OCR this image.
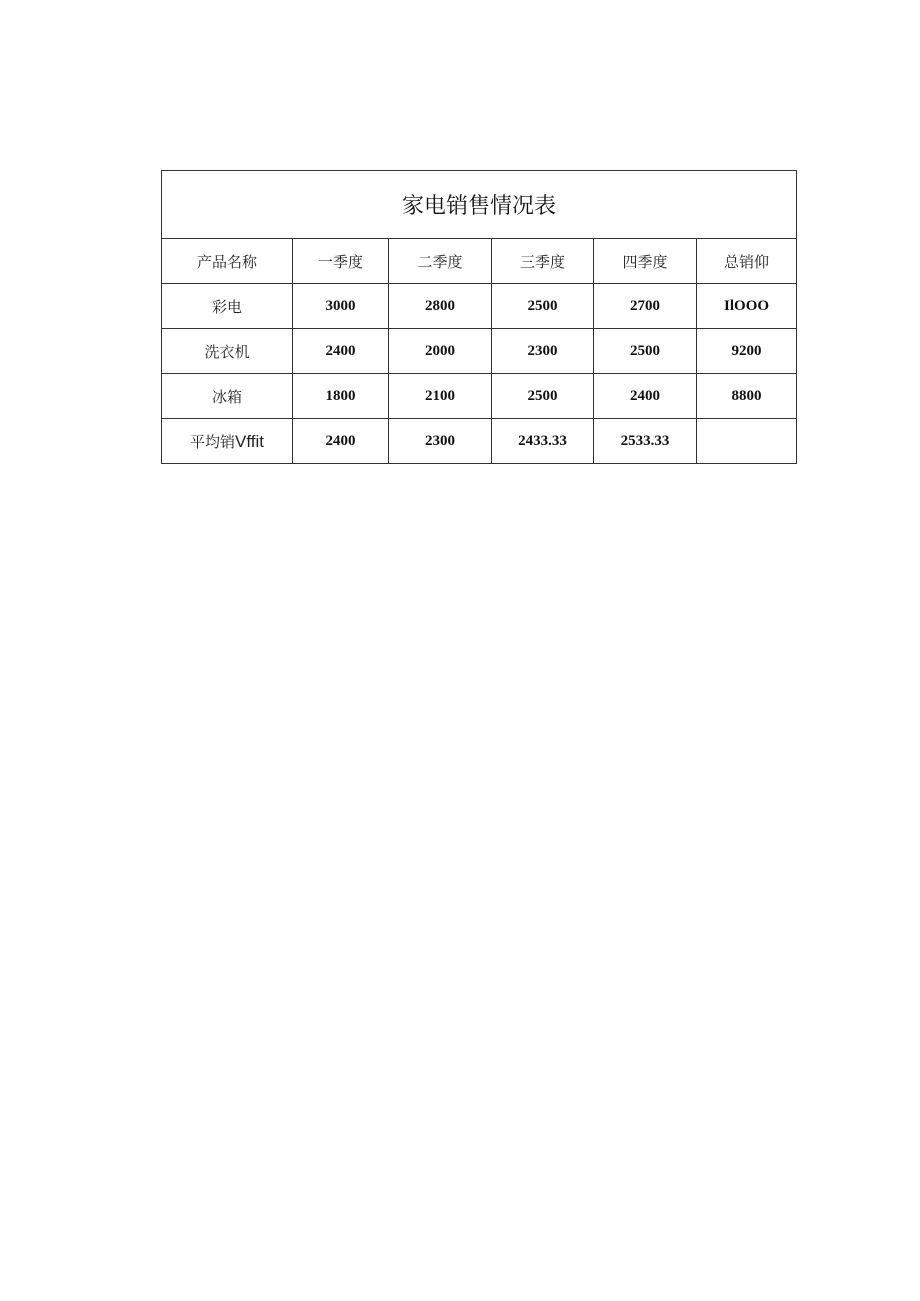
家电销售情况表					
产品名称	一季度	二季度	三季度	四季度	总销仰
彩电	3000	2800	2500	2700	IlOOO
洗衣机	2400	2000	2300	2500	9200
冰箱	1800	2100	2500	2400	8800
平均销Vffit	2400	2300	2433.33	2533.33	
